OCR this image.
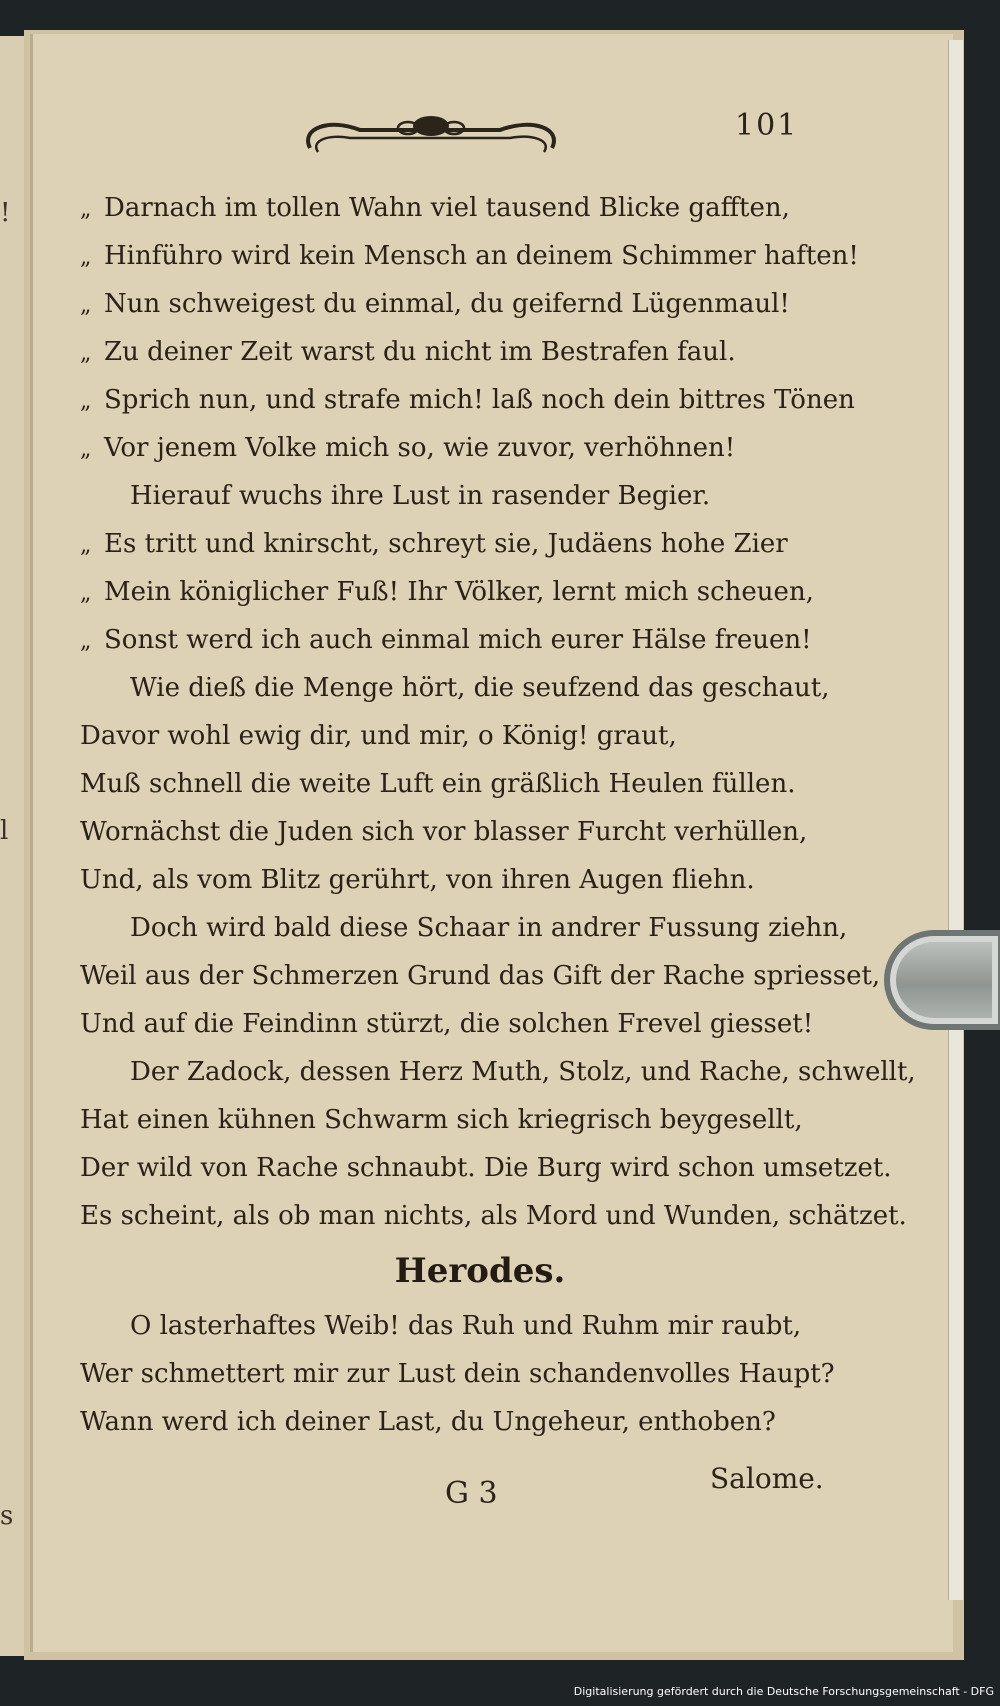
!
l
s
101
„ Darnach im tollen Wahn viel tausend Blicke gafften,
„ Hinführo wird kein Mensch an deinem Schimmer haften!
„ Nun schweigest du einmal, du geifernd Lügenmaul!
„ Zu deiner Zeit warst du nicht im Bestrafen faul.
„ Sprich nun, und strafe mich! laß noch dein bittres Tönen
„ Vor jenem Volke mich so, wie zuvor, verhöhnen!
Hierauf wuchs ihre Lust in rasender Begier.
„ Es tritt und knirscht, schreyt sie, Judäens hohe Zier
„ Mein königlicher Fuß! Ihr Völker, lernt mich scheuen,
„ Sonst werd ich auch einmal mich eurer Hälse freuen!
Wie dieß die Menge hört, die seufzend das geschaut,
Davor wohl ewig dir, und mir, o König! graut,
Muß schnell die weite Luft ein gräßlich Heulen füllen.
Wornächst die Juden sich vor blasser Furcht verhüllen,
Und, als vom Blitz gerührt, von ihren Augen fliehn.
Doch wird bald diese Schaar in andrer Fussung ziehn,
Weil aus der Schmerzen Grund das Gift der Rache spriesset,
Und auf die Feindinn stürzt, die solchen Frevel giesset!
Der Zadock, dessen Herz Muth, Stolz, und Rache, schwellt,
Hat einen kühnen Schwarm sich kriegrisch beygesellt,
Der wild von Rache schnaubt. Die Burg wird schon umsetzet.
Es scheint, als ob man nichts, als Mord und Wunden, schätzet.
Herodes.
O lasterhaftes Weib! das Ruh und Ruhm mir raubt,
Wer schmettert mir zur Lust dein schandenvolles Haupt?
Wann werd ich deiner Last, du Ungeheur, enthoben?
G 3	Salome.
Digitalisierung gefördert durch die Deutsche Forschungsgemeinschaft - DFG
